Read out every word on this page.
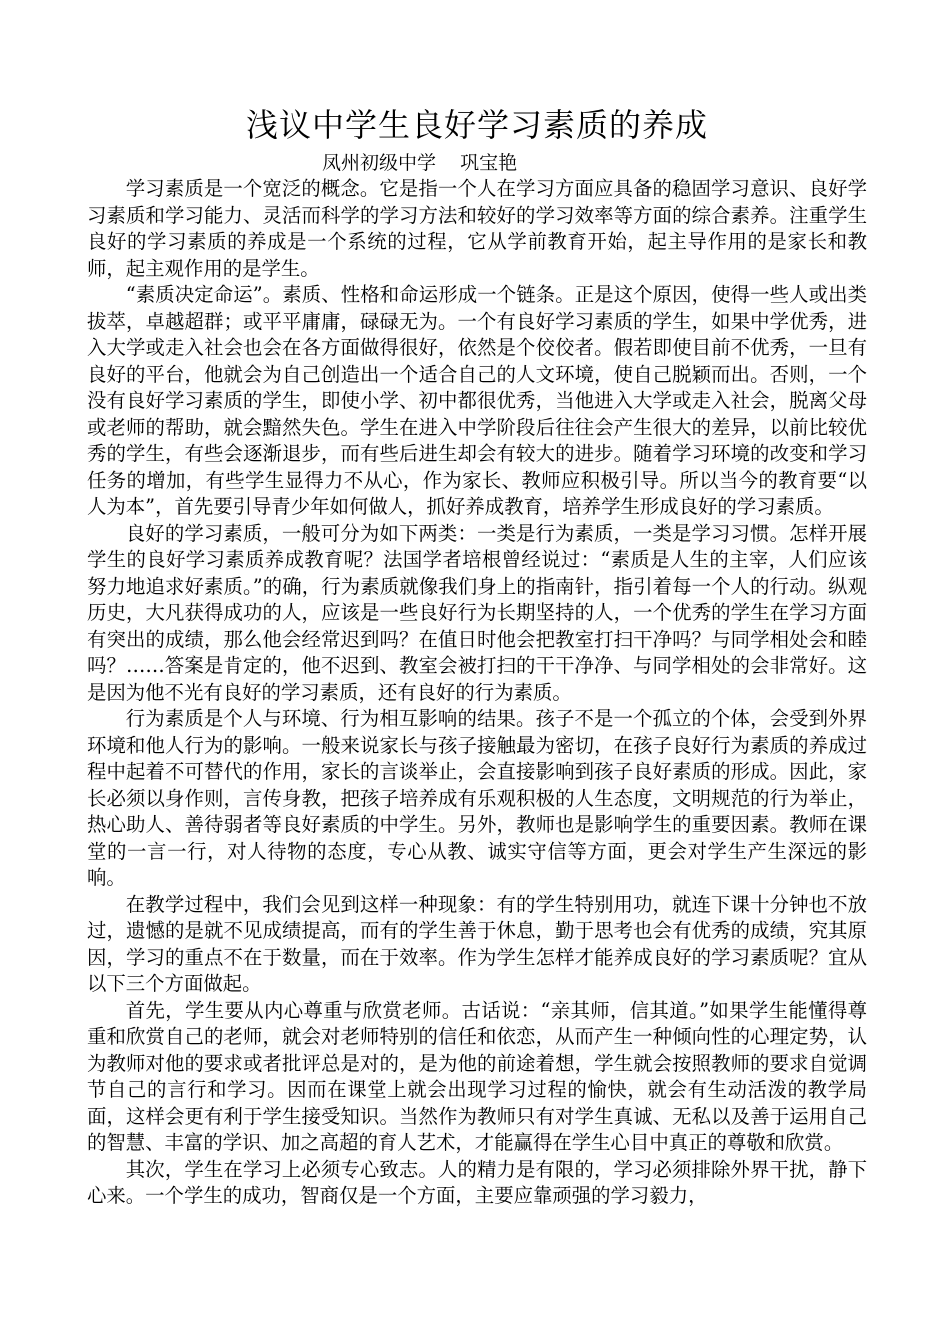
浅议中学生良好学习素质的养成

凤州初级中学    巩宝艳

学习素质是一个宽泛的概念。它是指一个人在学习方面应具备的稳固学习意识、良好学习素质和学习能力、灵活而科学的学习方法和较好的学习效率等方面的综合素养。注重学生良好的学习素质的养成是一个系统的过程，它从学前教育开始，起主导作用的是家长和教师，起主观作用的是学生。

“素质决定命运”。素质、性格和命运形成一个链条。正是这个原因，使得一些人或出类拔萃，卓越超群；或平平庸庸，碌碌无为。一个有良好学习素质的学生，如果中学优秀，进入大学或走入社会也会在各方面做得很好，依然是个佼佼者。假若即使目前不优秀，一旦有良好的平台，他就会为自己创造出一个适合自己的人文环境，使自己脱颖而出。否则，一个没有良好学习素质的学生，即使小学、初中都很优秀，当他进入大学或走入社会，脱离父母或老师的帮助，就会黯然失色。学生在进入中学阶段后往往会产生很大的差异，以前比较优秀的学生，有些会逐渐退步，而有些后进生却会有较大的进步。随着学习环境的改变和学习任务的增加，有些学生显得力不从心，作为家长、教师应积极引导。所以当今的教育要“以人为本”，首先要引导青少年如何做人，抓好养成教育，培养学生形成良好的学习素质。

良好的学习素质，一般可分为如下两类：一类是行为素质，一类是学习习惯。怎样开展学生的良好学习素质养成教育呢？法国学者培根曾经说过：“素质是人生的主宰，人们应该努力地追求好素质。”的确，行为素质就像我们身上的指南针，指引着每一个人的行动。纵观历史，大凡获得成功的人，应该是一些良好行为长期坚持的人，一个优秀的学生在学习方面有突出的成绩，那么他会经常迟到吗？在值日时他会把教室打扫干净吗？与同学相处会和睦吗？……答案是肯定的，他不迟到、教室会被打扫的干干净净、与同学相处的会非常好。这是因为他不光有良好的学习素质，还有良好的行为素质。

行为素质是个人与环境、行为相互影响的结果。孩子不是一个孤立的个体，会受到外界环境和他人行为的影响。一般来说家长与孩子接触最为密切，在孩子良好行为素质的养成过程中起着不可替代的作用，家长的言谈举止，会直接影响到孩子良好素质的形成。因此，家长必须以身作则，言传身教，把孩子培养成有乐观积极的人生态度，文明规范的行为举止，热心助人、善待弱者等良好素质的中学生。另外，教师也是影响学生的重要因素。教师在课堂的一言一行，对人待物的态度，专心从教、诚实守信等方面，更会对学生产生深远的影响。

在教学过程中，我们会见到这样一种现象：有的学生特别用功，就连下课十分钟也不放过，遗憾的是就不见成绩提高，而有的学生善于休息，勤于思考也会有优秀的成绩，究其原因，学习的重点不在于数量，而在于效率。作为学生怎样才能养成良好的学习素质呢？宜从以下三个方面做起。

首先，学生要从内心尊重与欣赏老师。古话说：“亲其师，信其道。”如果学生能懂得尊重和欣赏自己的老师，就会对老师特别的信任和依恋，从而产生一种倾向性的心理定势，认为教师对他的要求或者批评总是对的，是为他的前途着想，学生就会按照教师的要求自觉调节自己的言行和学习。因而在课堂上就会出现学习过程的愉快，就会有生动活泼的教学局面，这样会更有利于学生接受知识。当然作为教师只有对学生真诚、无私以及善于运用自己的智慧、丰富的学识、加之高超的育人艺术，才能赢得在学生心目中真正的尊敬和欣赏。

其次，学生在学习上必须专心致志。人的精力是有限的，学习必须排除外界干扰，静下心来。一个学生的成功，智商仅是一个方面，主要应靠顽强的学习毅力，
